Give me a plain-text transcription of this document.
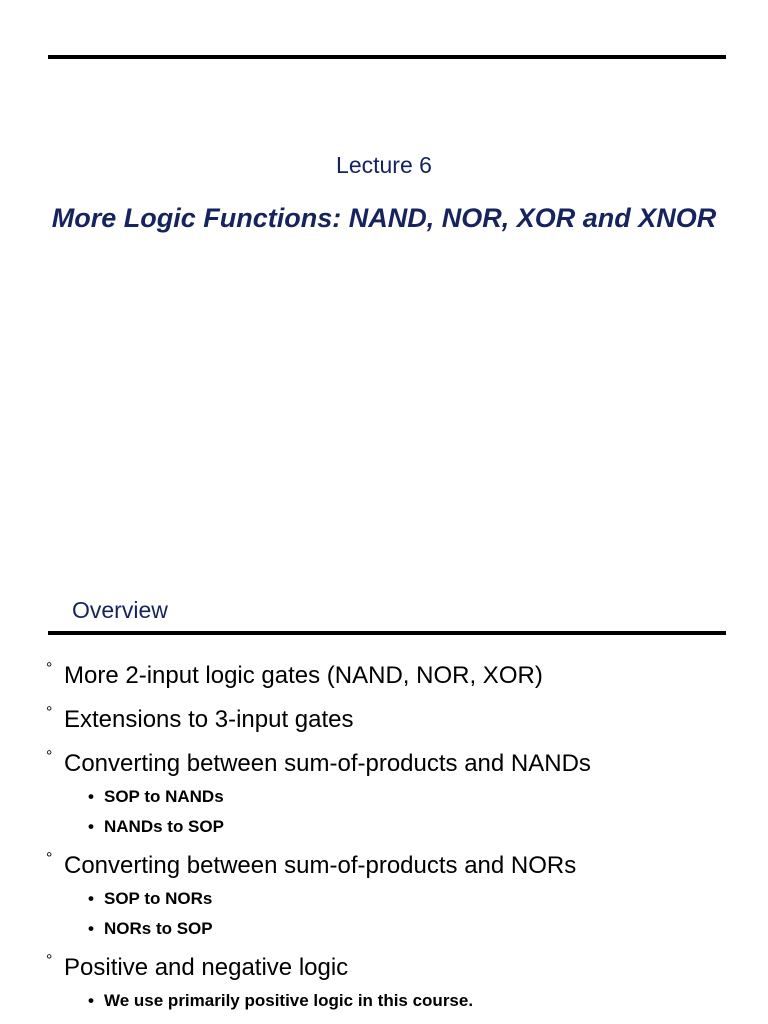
Lecture 6
More Logic Functions: NAND, NOR, XOR and XNOR
Overview
° More 2-input logic gates (NAND, NOR, XOR)
° Extensions to 3-input gates
° Converting between sum-of-products and NANDs
• SOP to NANDs
• NANDs to SOP
° Converting between sum-of-products and NORs
• SOP to NORs
• NORs to SOP
° Positive and negative logic
• We use primarily positive logic in this course.
